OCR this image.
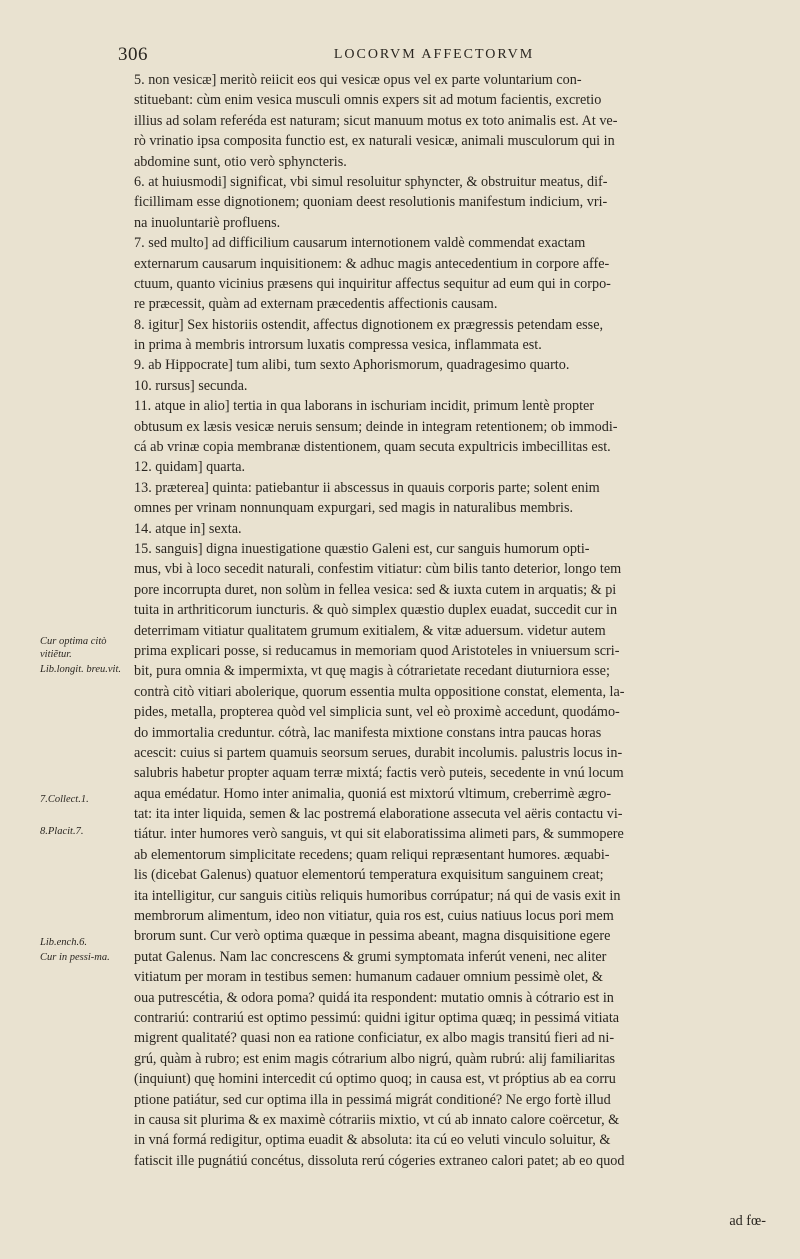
306	LOCORVM AFFECTORVM
Cur optima citò vitiẽtur.
Lib.longit. breu.vit.
7.Collect.1.
8.Placit.7.
Lib.ench.6.
Cur in pessi-ma.
5. non vesicæ] meritò reiicit eos qui vesicæ opus vel ex parte voluntarium con-
stituebant: cùm enim vesica musculi omnis expers sit ad motum facientis, excretio
illius ad solam referéda est naturam; sicut manuum motus ex toto animalis est. At ve-
rò vrinatio ipsa composita functio est, ex naturali vesicæ, animali musculorum qui in
abdomine sunt, otio verò sphyncteris.
6. at huiusmodi] significat, vbi simul resoluitur sphyncter, & obstruitur meatus, dif-
ficillimam esse dignotionem; quoniam deest resolutionis manifestum indicium, vri-
na inuoluntariè profluens.
7. sed multo] ad difficilium causarum internotionem valdè commendat exactam
externarum causarum inquisitionem: & adhuc magis antecedentium in corpore affe-
ctuum, quanto vicinius præsens qui inquiritur affectus sequitur ad eum qui in corpo-
re præcessit, quàm ad externam præcedentis affectionis causam.
8. igitur] Sex historiis ostendit, affectus dignotionem ex prægressis petendam esse,
in prima à membris introrsum luxatis compressa vesica, inflammata est.
9. ab Hippocrate] tum alibi, tum sexto Aphorismorum, quadragesimo quarto.
10. rursus] secunda.
11. atque in alio] tertia in qua laborans in ischuriam incidit, primum lentè propter
obtusum ex læsis vesicæ neruis sensum; deinde in integram retentionem; ob immodi-
cá ab vrinæ copia membranæ distentionem, quam secuta expultricis imbecillitas est.
12. quidam] quarta.
13. præterea] quinta: patiebantur ii abscessus in quauis corporis parte; solent enim
omnes per vrinam nonnunquam expurgari, sed magis in naturalibus membris.
14. atque in] sexta.
15. sanguis] digna inuestigatione quæstio Galeni est, cur sanguis humorum opti-
mus, vbi à loco secedit naturali, confestim vitiatur: cùm bilis tanto deterior, longo tem
pore incorrupta duret, non solùm in fellea vesica: sed & iuxta cutem in arquatis; & pi
tuita in arthriticorum iuncturis. & quò simplex quæstio duplex euadat, succedit cur in
deterrimam vitiatur qualitatem grumum exitialem, & vitæ aduersum. videtur autem
prima explicari posse, si reducamus in memoriam quod Aristoteles in vniuersum scri-
bit, pura omnia & impermixta, vt quę magis à cótrarietate recedant diuturniora esse;
contrà citò vitiari abolerique, quorum essentia multa oppositione constat, elementa, la-
pides, metalla, propterea quòd vel simplicia sunt, vel eò proximè accedunt, quodámo-
do immortalia creduntur. cótrà, lac manifesta mixtione constans intra paucas horas
acescit: cuius si partem quamuis seorsum serues, durabit incolumis. palustris locus in-
salubris habetur propter aquam terræ mixtá; factis verò puteis, secedente in vnú locum
aqua emédatur. Homo inter animalia, quoniá est mixtorú vltimum, creberrimè ægro-
tat: ita inter liquida, semen & lac postremá elaboratione assecuta vel aëris contactu vi-
tiátur. inter humores verò sanguis, vt qui sit elaboratissima alimeti pars, & summopere
ab elementorum simplicitate recedens; quam reliqui repræsentant humores. æquabi-
lis (dicebat Galenus) quatuor elementorú temperatura exquisitum sanguinem creat;
ita intelligitur, cur sanguis citiùs reliquis humoribus corrúpatur; ná qui de vasis exit in
membrorum alimentum, ideo non vitiatur, quia ros est, cuius natiuus locus pori mem
brorum sunt. Cur verò optima quæque in pessima abeant, magna disquisitione egere
putat Galenus. Nam lac concrescens & grumi symptomata inferút veneni, nec aliter
vitiatum per moram in testibus semen: humanum cadauer omnium pessimè olet, &
oua putrescétia, & odora poma? quidá ita respondent: mutatio omnis à cótrario est in
contrariú: contrariú est optimo pessimú: quidni igitur optima quæq; in pessimá vitiata
migrent qualitaté? quasi non ea ratione conficiatur, ex albo magis transitú fieri ad ni-
grú, quàm à rubro; est enim magis cótrarium albo nigrú, quàm rubrú: alij familiaritas
(inquiunt) quę homini intercedit cú optimo quoq; in causa est, vt próptius ab ea corru
ptione patiátur, sed cur optima illa in pessimá migrát conditioné? Ne ergo fortè illud
in causa sit plurima & ex maximè cótrariis mixtio, vt cú ab innato calore coërcetur, &
in vná formá redigitur, optima euadit & absoluta: ita cú eo veluti vinculo soluitur, &
fatiscit ille pugnátiú concétus, dissoluta rerú cógeries extraneo calori patet; ab eo quod
ad fœ-
